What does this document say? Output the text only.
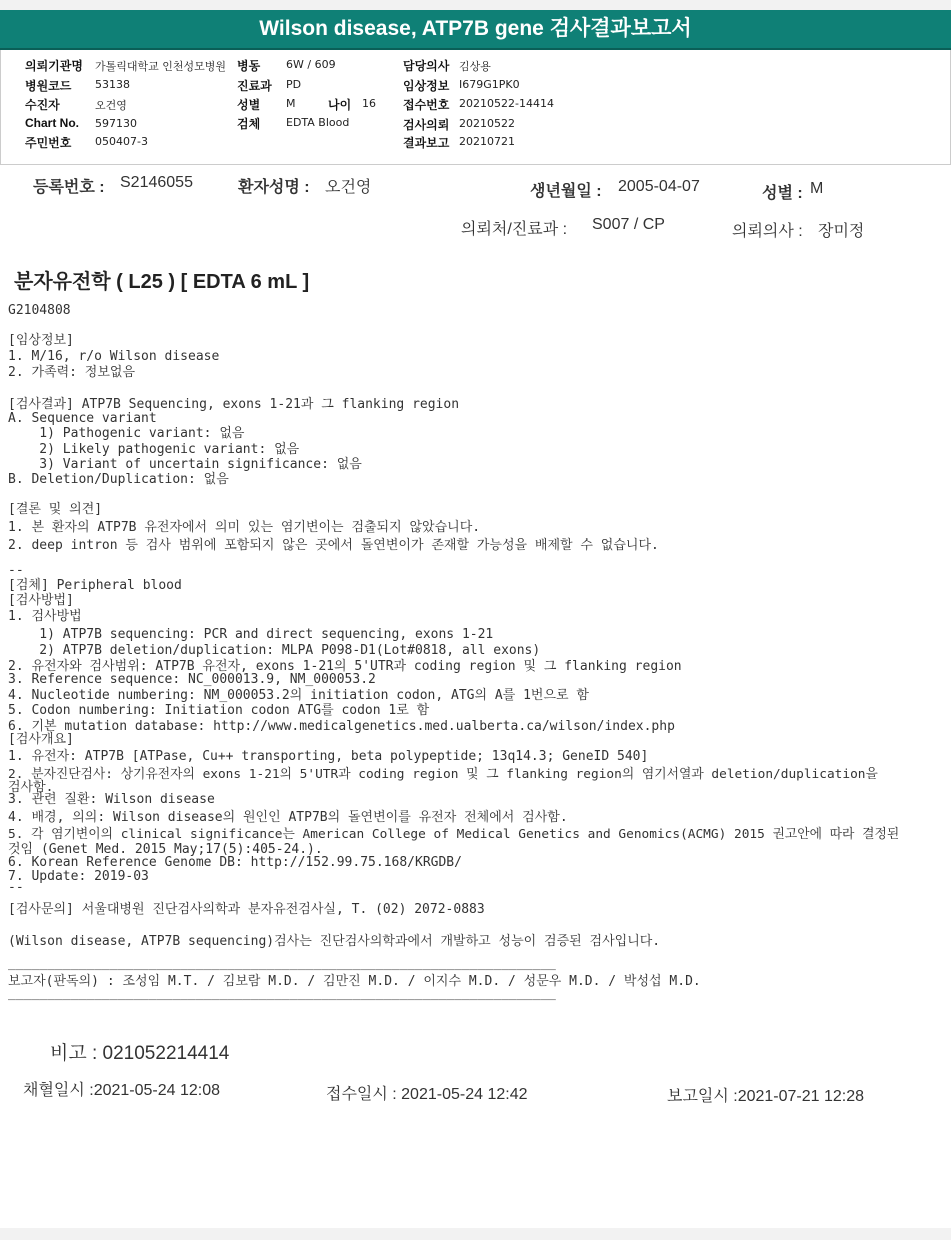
Wilson disease, ATP7B gene 검사결과보고서
의뢰기관명 가톨릭대학교 인천성모병원 병동 6W / 609	담당의사 김상용
병원코드 53138	진료과 PD	임상정보 I679G1PK0
수진자	오건영	성별 M	나이 16 접수번호 20210522-14414
Chart No. 597130	검체 EDTA Blood	검사의뢰 20210522
주민번호 050407-3	결과보고 20210721
등록번호 : S2146055	환자성명 : 오건영	생년월일 : 2005-04-07	성별 : M
의뢰처/진료과 : S007 / CP	의뢰의사 : 장미정
분자유전학 ( L25 ) [ EDTA 6 mL ]
G2104808
[임상정보]
1. M/16, r/o Wilson disease
2. 가족력: 정보없음
[검사결과] ATP7B Sequencing, exons 1-21과 그 flanking region
A. Sequence variant
1) Pathogenic variant: 없음
2) Likely pathogenic variant: 없음
3) Variant of uncertain significance: 없음
B. Deletion/Duplication: 없음
[결론 및 의견]
1. 본 환자의 ATP7B 유전자에서 의미 있는 염기변이는 검출되지 않았습니다.
2. deep intron 등 검사 범위에 포함되지 않은 곳에서 돌연변이가 존재할 가능성을 배제할 수 없습니다.
--
[검체] Peripheral blood
[검사방법]
1. 검사방법
1) ATP7B sequencing: PCR and direct sequencing, exons 1-21
2) ATP7B deletion/duplication: MLPA P098-D1(Lot#0818, all exons)
2. 유전자와 검사범위: ATP7B 유전자, exons 1-21의 5'UTR과 coding region 및 그 flanking region
3. Reference sequence: NC_000013.9, NM_000053.2
4. Nucleotide numbering: NM_000053.2의 initiation codon, ATG의 A를 1번으로 함
5. Codon numbering: Initiation codon ATG를 codon 1로 함
6. 기본 mutation database: http://www.medicalgenetics.med.ualberta.ca/wilson/index.php
[검사개요]
1. 유전자: ATP7B [ATPase, Cu++ transporting, beta polypeptide; 13q14.3; GeneID 540]
2. 분자진단검사: 상기유전자의 exons 1-21의 5'UTR과 coding region 및 그 flanking region의 염기서열과 deletion/duplication을
검사함.
3. 관련 질환: Wilson disease
4. 배경, 의의: Wilson disease의 원인인 ATP7B의 돌연변이를 유전자 전체에서 검사함.
5. 각 염기변이의 clinical significance는 American College of Medical Genetics and Genomics(ACMG) 2015 권고안에 따라 결정된
것임 (Genet Med. 2015 May;17(5):405-24.).
6. Korean Reference Genome DB: http://152.99.75.168/KRGDB/
7. Update: 2019-03
--
[검사문의] 서울대병원 진단검사의학과 분자유전검사실, T. (02) 2072-0883
(Wilson disease, ATP7B sequencing)검사는 진단검사의학과에서 개발하고 성능이 검증된 검사입니다.
______________________________________________________________________
보고자(판독의) : 조성임 M.T. / 김보람 M.D. / 김만진 M.D. / 이지수 M.D. / 성문우 M.D. / 박성섭 M.D.
______________________________________________________________________
비고 : 021052214414
채혈일시 :2021-05-24 12:08	접수일시 : 2021-05-24 12:42	보고일시 :2021-07-21 12:28
